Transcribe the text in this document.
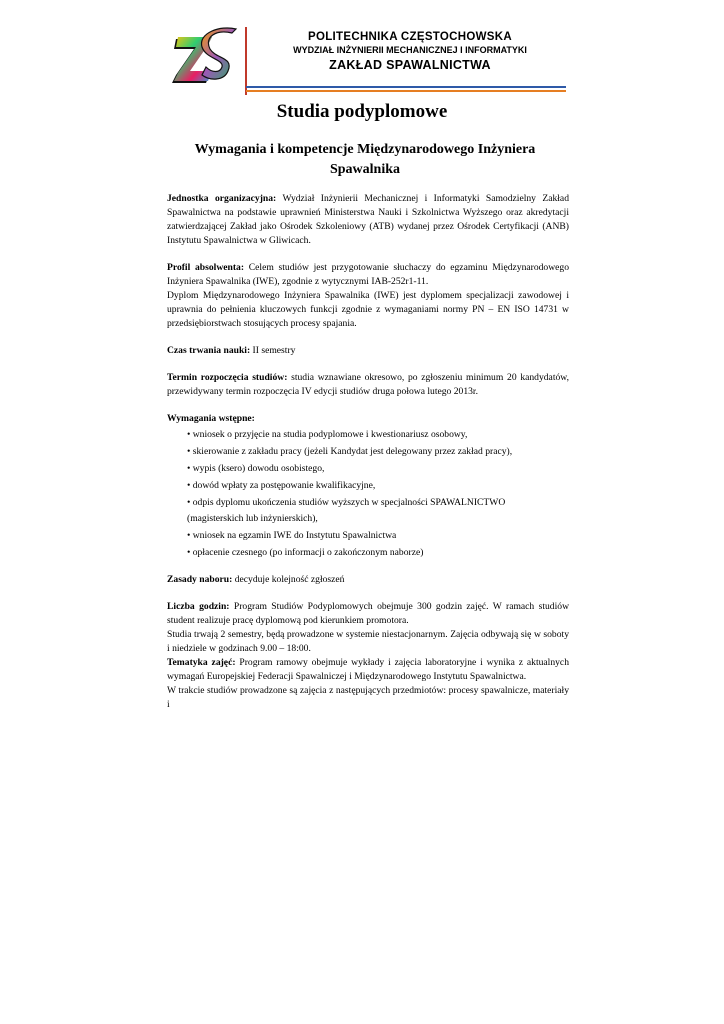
POLITECHNIKA CZĘSTOCHOWSKA
WYDZIAŁ INŻYNIERII MECHANICZNEJ I INFORMATYKI
ZAKŁAD SPAWALNICTWA
Studia podyplomowe
Wymagania i kompetencje Międzynarodowego Inżyniera Spawalnika

Jednostka organizacyjna: Wydział Inżynierii Mechanicznej i Informatyki Samodzielny Zakład Spawalnictwa na podstawie uprawnień Ministerstwa Nauki i Szkolnictwa Wyższego oraz akredytacji zatwierdzającej Zakład jako Ośrodek Szkoleniowy (ATB) wydanej przez Ośrodek Certyfikacji (ANB) Instytutu Spawalnictwa w Gliwicach.

Profil absolwenta: Celem studiów jest przygotowanie słuchaczy do egzaminu Międzynarodowego Inżyniera Spawalnika (IWE), zgodnie z wytycznymi IAB-252r1-11.

Dyplom Międzynarodowego Inżyniera Spawalnika (IWE) jest dyplomem specjalizacji zawodowej i uprawnia do pełnienia kluczowych funkcji zgodnie z wymaganiami normy PN – EN ISO 14731 w przedsiębiorstwach stosujących procesy spajania.

Czas trwania nauki: II semestry

Termin rozpoczęcia studiów: studia wznawiane okresowo, po zgłoszeniu minimum 20 kandydatów, przewidywany termin rozpoczęcia IV edycji studiów druga połowa lutego 2013r.

Wymagania wstępne:

• wniosek o przyjęcie na studia podyplomowe i kwestionariusz osobowy,
• skierowanie z zakładu pracy (jeżeli Kandydat jest delegowany przez zakład pracy),
• wypis (ksero) dowodu osobistego,
• dowód wpłaty za postępowanie kwalifikacyjne,
• odpis dyplomu ukończenia studiów wyższych w specjalności SPAWALNICTWO
(magisterskich lub inżynierskich),
• wniosek na egzamin IWE do Instytutu Spawalnictwa
• opłacenie czesnego (po informacji o zakończonym naborze)

Zasady naboru: decyduje kolejność zgłoszeń

Liczba godzin: Program Studiów Podyplomowych obejmuje 300 godzin zajęć. W ramach studiów student realizuje pracę dyplomową pod kierunkiem promotora.

Studia trwają 2 semestry, będą prowadzone w systemie niestacjonarnym. Zajęcia odbywają się w soboty i niedziele w godzinach 9.00 – 18:00.

Tematyka zajęć: Program ramowy obejmuje wykłady i zajęcia laboratoryjne i wynika z aktualnych wymagań Europejskiej Federacji Spawalniczej i Międzynarodowego Instytutu Spawalnictwa.

W trakcie studiów prowadzone są zajęcia z następujących przedmiotów: procesy spawalnicze, materiały i
